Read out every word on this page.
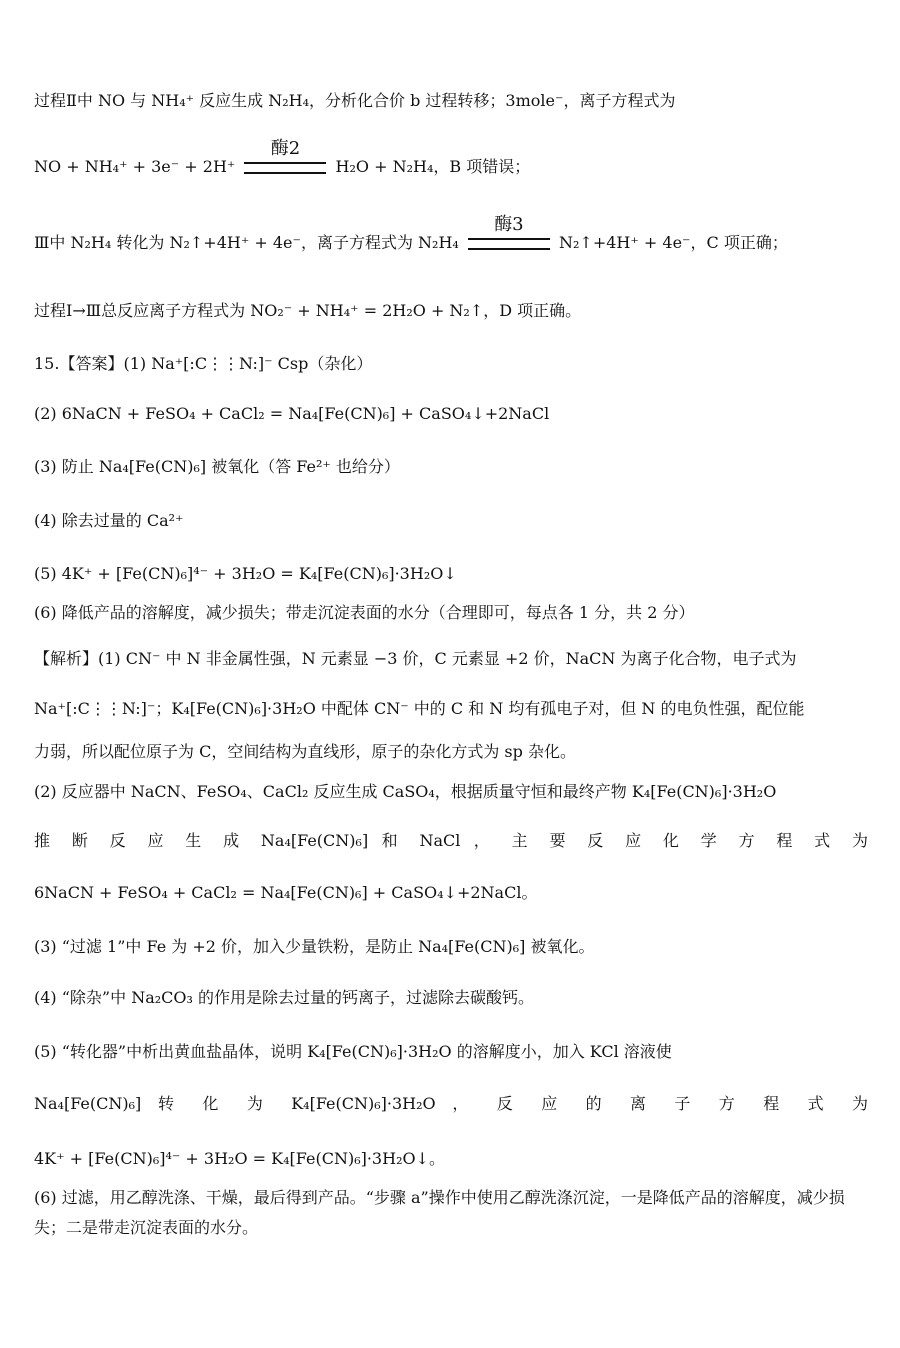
过程Ⅱ中 NO 与 NH₄⁺ 反应生成 N₂H₄，分析化合价 b 过程转移；3mole⁻，离子方程式为
NO + NH₄⁺ + 3e⁻ + 2H⁺
酶2
H₂O + N₂H₄，B 项错误；
Ⅲ中 N₂H₄ 转化为 N₂↑+4H⁺ + 4e⁻，离子方程式为 N₂H₄
酶3
N₂↑+4H⁺ + 4e⁻，C 项正确；
过程Ⅰ→Ⅲ总反应离子方程式为 NO₂⁻ + NH₄⁺ = 2H₂O + N₂↑，D 项正确。
15.【答案】(1) Na⁺[:C⋮⋮N:]⁻ Csp（杂化）
(2) 6NaCN + FeSO₄ + CaCl₂ = Na₄[Fe(CN)₆] + CaSO₄↓+2NaCl
(3) 防止 Na₄[Fe(CN)₆] 被氧化（答 Fe²⁺ 也给分）
(4) 除去过量的 Ca²⁺
(5) 4K⁺ + [Fe(CN)₆]⁴⁻ + 3H₂O = K₄[Fe(CN)₆]·3H₂O↓
(6) 降低产品的溶解度，减少损失；带走沉淀表面的水分（合理即可，每点各 1 分，共 2 分）
【解析】(1) CN⁻ 中 N 非金属性强，N 元素显 −3 价，C 元素显 +2 价，NaCN 为离子化合物，电子式为
Na⁺[:C⋮⋮N:]⁻；K₄[Fe(CN)₆]·3H₂O 中配体 CN⁻ 中的 C 和 N 均有孤电子对，但 N 的电负性强，配位能
力弱，所以配位原子为 C，空间结构为直线形，原子的杂化方式为 sp 杂化。
(2) 反应器中 NaCN、FeSO₄、CaCl₂ 反应生成 CaSO₄，根据质量守恒和最终产物 K₄[Fe(CN)₆]·3H₂O
推 断 反 应 生 成 Na₄[Fe(CN)₆] 和 NaCl ， 主 要 反 应 化 学 方 程 式 为
6NaCN + FeSO₄ + CaCl₂ = Na₄[Fe(CN)₆] + CaSO₄↓+2NaCl。
(3) “过滤 1”中 Fe 为 +2 价，加入少量铁粉，是防止 Na₄[Fe(CN)₆] 被氧化。
(4) “除杂”中 Na₂CO₃ 的作用是除去过量的钙离子，过滤除去碳酸钙。
(5) “转化器”中析出黄血盐晶体，说明 K₄[Fe(CN)₆]·3H₂O 的溶解度小，加入 KCl 溶液使
Na₄[Fe(CN)₆] 转 化 为 K₄[Fe(CN)₆]·3H₂O ， 反 应 的 离 子 方 程 式 为
4K⁺ + [Fe(CN)₆]⁴⁻ + 3H₂O = K₄[Fe(CN)₆]·3H₂O↓。
(6) 过滤，用乙醇洗涤、干燥，最后得到产品。“步骤 a”操作中使用乙醇洗涤沉淀，一是降低产品的溶解度，减少损失；二是带走沉淀表面的水分。
